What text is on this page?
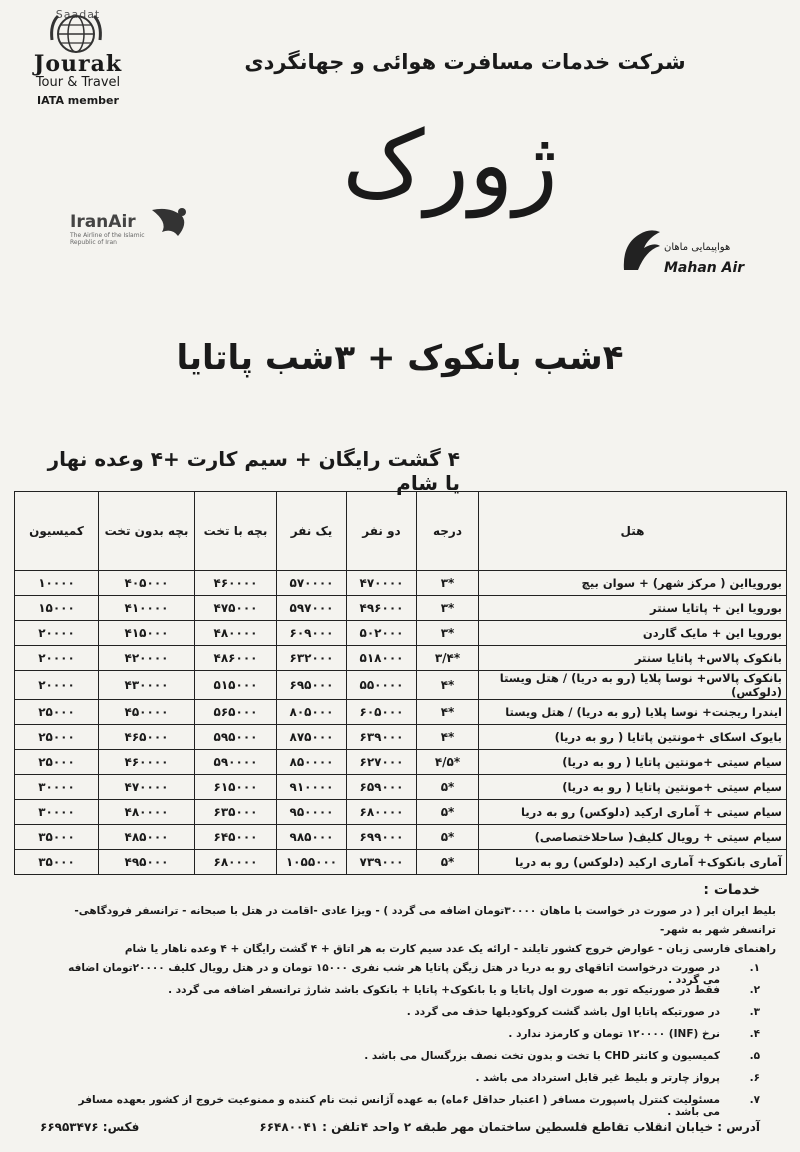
Saadat
Jourak
Tour & Travel
IATA member
شرکت خدمات مسافرت هوائی و جهانگردی
ژورک
IranAir
The Airline of the Islamic Republic of Iran	هواپیمایی ماهان
Mahan Air
۴شب بانکوک + ۳شب پاتایا
۴ گشت رایگان + سیم کارت +۴ وعده نهار یا شام
هتل	درجه	دو نفر	یک نفر	بچه با تخت	بچه بدون تخت	کمیسیون
بورویااین ( مرکز شهر) + سوان بیچ	*۳	۴۷۰۰۰۰	۵۷۰۰۰۰	۴۶۰۰۰۰	۴۰۵۰۰۰	۱۰۰۰۰
بورویا این + پاتایا سنتر	*۳	۴۹۶۰۰۰	۵۹۷۰۰۰	۴۷۵۰۰۰	۴۱۰۰۰۰	۱۵۰۰۰
بورویا این + مایک گاردن	*۳	۵۰۲۰۰۰	۶۰۹۰۰۰	۴۸۰۰۰۰	۴۱۵۰۰۰	۲۰۰۰۰
بانکوک پالاس+ پاتایا سنتر	*۳/۴	۵۱۸۰۰۰	۶۳۲۰۰۰	۴۸۶۰۰۰	۴۲۰۰۰۰	۲۰۰۰۰
بانکوک پالاس+ نوسا پلایا (رو به دریا) / هتل ویستا (دلوکس)	*۴	۵۵۰۰۰۰	۶۹۵۰۰۰	۵۱۵۰۰۰	۴۳۰۰۰۰	۲۰۰۰۰
ایندرا ریجنت+ نوسا پلایا (رو به دریا) / هتل ویستا	*۴	۶۰۵۰۰۰	۸۰۵۰۰۰	۵۶۵۰۰۰	۴۵۰۰۰۰	۲۵۰۰۰
بایوک اسکای +مونتین پاتایا ( رو به دریا)	*۴	۶۳۹۰۰۰	۸۷۵۰۰۰	۵۹۵۰۰۰	۴۶۵۰۰۰	۲۵۰۰۰
سیام سیتی +مونتین پاتایا ( رو به دریا)	*۴/۵	۶۲۷۰۰۰	۸۵۰۰۰۰	۵۹۰۰۰۰	۴۶۰۰۰۰	۲۵۰۰۰
سیام سیتی +مونتین پاتایا ( رو به دریا)	*۵	۶۵۹۰۰۰	۹۱۰۰۰۰	۶۱۵۰۰۰	۴۷۰۰۰۰	۳۰۰۰۰
سیام سیتی + آماری ارکید (دلوکس) رو به دریا	*۵	۶۸۰۰۰۰	۹۵۰۰۰۰	۶۳۵۰۰۰	۴۸۰۰۰۰	۳۰۰۰۰
سیام سیتی + رویال کلیف( ساحلاختصاصی)	*۵	۶۹۹۰۰۰	۹۸۵۰۰۰	۶۴۵۰۰۰	۴۸۵۰۰۰	۳۵۰۰۰
آماری بانکوک+ آماری ارکید (دلوکس) رو به دریا	*۵	۷۳۹۰۰۰	۱۰۵۵۰۰۰	۶۸۰۰۰۰	۴۹۵۰۰۰	۳۵۰۰۰
خدمات :
بلیط ایران ایر ( در صورت در خواست با ماهان ۳۰۰۰۰تومان اضافه می گردد ) - ویزا عادی -اقامت در هتل با صبحانه - ترانسفر فرودگاهی- ترانسفر شهر به شهر-
راهنمای فارسی زبان - عوارض خروج کشور تایلند - ارائه یک عدد سیم کارت به هر اتاق + ۴ گشت رایگان + ۴ وعده ناهار یا شام
۱.
در صورت درخواست اتاقهای رو به دریا در هتل زیگن پاتایا هر شب نفری ۱۵۰۰۰ تومان و در هتل رویال کلیف ۲۰۰۰۰تومان اضافه می گردد .
۲.
فقط در صورتیکه تور به صورت اول پاتایا و یا بانکوک+ پاتایا + بانکوک باشد شارژ ترانسفر اضافه می گردد .
۳.
در صورتیکه پاتایا اول باشد گشت کروکودیلها حذف می گردد .
۴.
نرخ (INF) ۱۲۰۰۰۰ تومان و کارمزد ندارد .
۵.
کمیسیون و کانتر CHD با تخت و بدون تخت نصف بزرگسال می باشد .
۶.
پرواز چارتر و بلیط غیر قابل استرداد می باشد .
۷.
مسئولیت کنترل پاسپورت مسافر ( اعتبار حداقل ۶ماه) به عهده آژانس ثبت نام کننده و ممنوعیت خروج از کشور بعهده مسافر می باشد .
آدرس : خیابان انقلاب تقاطع فلسطین ساختمان مهر طبقه ۲ واحد ۴
تلفن : ۶۶۴۸۰۰۴۱
فکس: ۶۶۹۵۳۴۷۶
